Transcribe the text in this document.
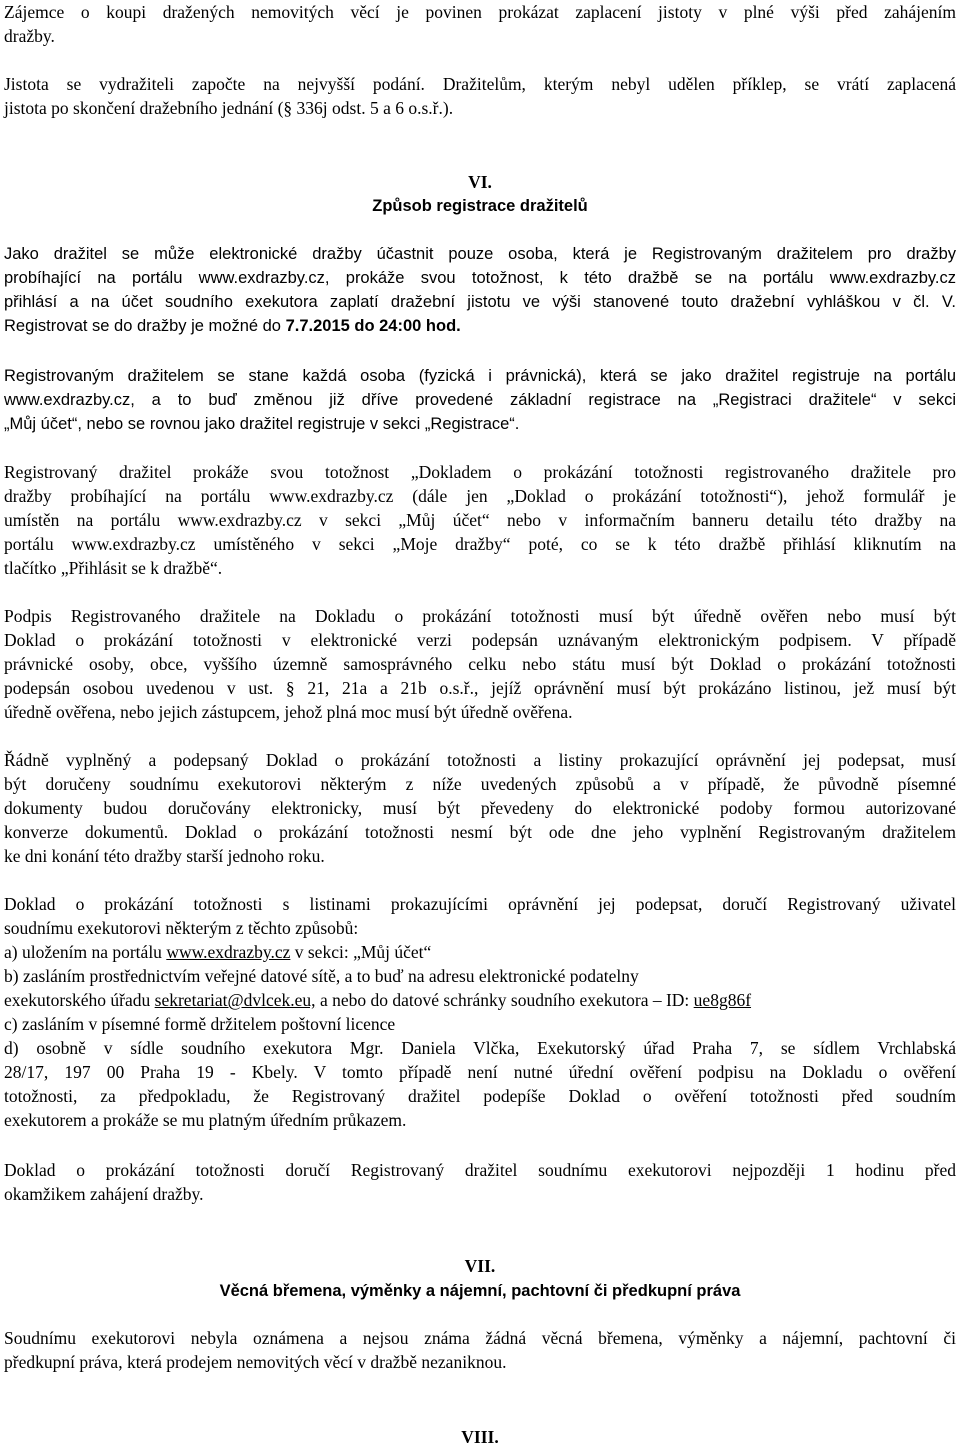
Zájemce o koupi dražených nemovitých věcí je povinen prokázat zaplacení jistoty v plné výši před zahájením
dražby.
Jistota se vydražiteli započte na nejvyšší podání. Dražitelům, kterým nebyl udělen příklep, se vrátí zaplacená
jistota po skončení dražebního jednání (§ 336j odst. 5 a 6 o.s.ř.).

VI.

Způsob registrace dražitelů

Jako dražitel se může elektronické dražby účastnit pouze osoba, která je Registrovaným dražitelem pro dražby
probíhající na portálu www.exdrazby.cz, prokáže svou totožnost, k této dražbě se na portálu www.exdrazby.cz
přihlásí a na účet soudního exekutora zaplatí dražební jistotu ve výši stanovené touto dražební vyhláškou v čl. V.
Registrovat se do dražby je možné do 7.7.2015 do 24:00 hod.
Registrovaným dražitelem se stane každá osoba (fyzická i právnická), která se jako dražitel registruje na portálu
www.exdrazby.cz, a to buď změnou již dříve provedené základní registrace na „Registraci dražitele“ v sekci
„Můj účet“, nebo se rovnou jako dražitel registruje v sekci „Registrace“.
Registrovaný dražitel prokáže svou totožnost „Dokladem o prokázání totožnosti registrovaného dražitele pro
dražby probíhající na portálu www.exdrazby.cz (dále jen „Doklad o prokázání totožnosti“), jehož formulář je
umístěn na portálu www.exdrazby.cz v sekci „Můj účet“ nebo v informačním banneru detailu této dražby na
portálu www.exdrazby.cz umístěného v sekci „Moje dražby“ poté, co se k této dražbě přihlásí kliknutím na
tlačítko „Přihlásit se k dražbě“.
Podpis Registrovaného dražitele na Dokladu o prokázání totožnosti musí být úředně ověřen nebo musí být
Doklad o prokázání totožnosti v elektronické verzi podepsán uznávaným elektronickým podpisem. V případě
právnické osoby, obce, vyššího územně samosprávného celku nebo státu musí být Doklad o prokázání totožnosti
podepsán osobou uvedenou v ust. § 21, 21a a 21b o.s.ř., jejíž oprávnění musí být prokázáno listinou, jež musí být
úředně ověřena, nebo jejich zástupcem, jehož plná moc musí být úředně ověřena.
Řádně vyplněný a podepsaný Doklad o prokázání totožnosti a listiny prokazující oprávnění jej podepsat, musí
být doručeny soudnímu exekutorovi některým z níže uvedených způsobů a v případě, že původně písemné
dokumenty budou doručovány elektronicky, musí být převedeny do elektronické podoby formou autorizované
konverze dokumentů. Doklad o prokázání totožnosti nesmí být ode dne jeho vyplnění Registrovaným dražitelem
ke dni konání této dražby starší jednoho roku.
Doklad o prokázání totožnosti s listinami prokazujícími oprávnění jej podepsat, doručí Registrovaný uživatel
soudnímu exekutorovi některým z těchto způsobů:
a) uložením na portálu www.exdrazby.cz v sekci: „Můj účet“
b) zasláním prostřednictvím veřejné datové sítě, a to buď na adresu elektronické podatelny
exekutorského úřadu sekretariat@dvlcek.eu, a nebo do datové schránky soudního exekutora – ID: ue8g86f
c) zasláním v písemné formě držitelem poštovní licence
d) osobně v sídle soudního exekutora Mgr. Daniela Vlčka, Exekutorský úřad Praha 7, se sídlem Vrchlabská
28/17, 197 00 Praha 19 - Kbely. V tomto případě není nutné úřední ověření podpisu na Dokladu o ověření
totožnosti, za předpokladu, že Registrovaný dražitel podepíše Doklad o ověření totožnosti před soudním
exekutorem a prokáže se mu platným úředním průkazem.
Doklad o prokázání totožnosti doručí Registrovaný dražitel soudnímu exekutorovi nejpozději 1 hodinu před
okamžikem zahájení dražby.

VII.

Věcná břemena, výměnky a nájemní, pachtovní či předkupní práva

Soudnímu exekutorovi nebyla oznámena a nejsou známa žádná věcná břemena, výměnky a nájemní, pachtovní či
předkupní práva, která prodejem nemovitých věcí v dražbě nezaniknou.

VIII.
